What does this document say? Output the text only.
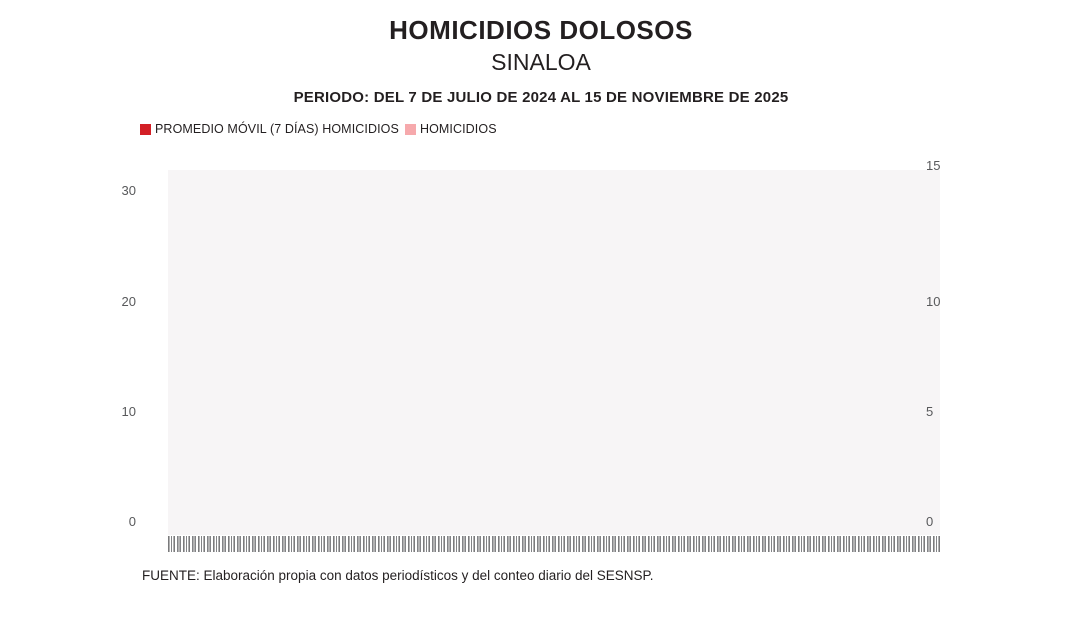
HOMICIDIOS DOLOSOS
SINALOA
PERIODO: DEL 7 DE JULIO DE 2024 AL 15 DE NOVIEMBRE DE 2025
PROMEDIO MÓVIL (7 DÍAS) HOMICIDIOS HOMICIDIOS
0
10
20
30
0
5
10
15
FUENTE: Elaboración propia con datos periodísticos y del conteo diario del SESNSP.
